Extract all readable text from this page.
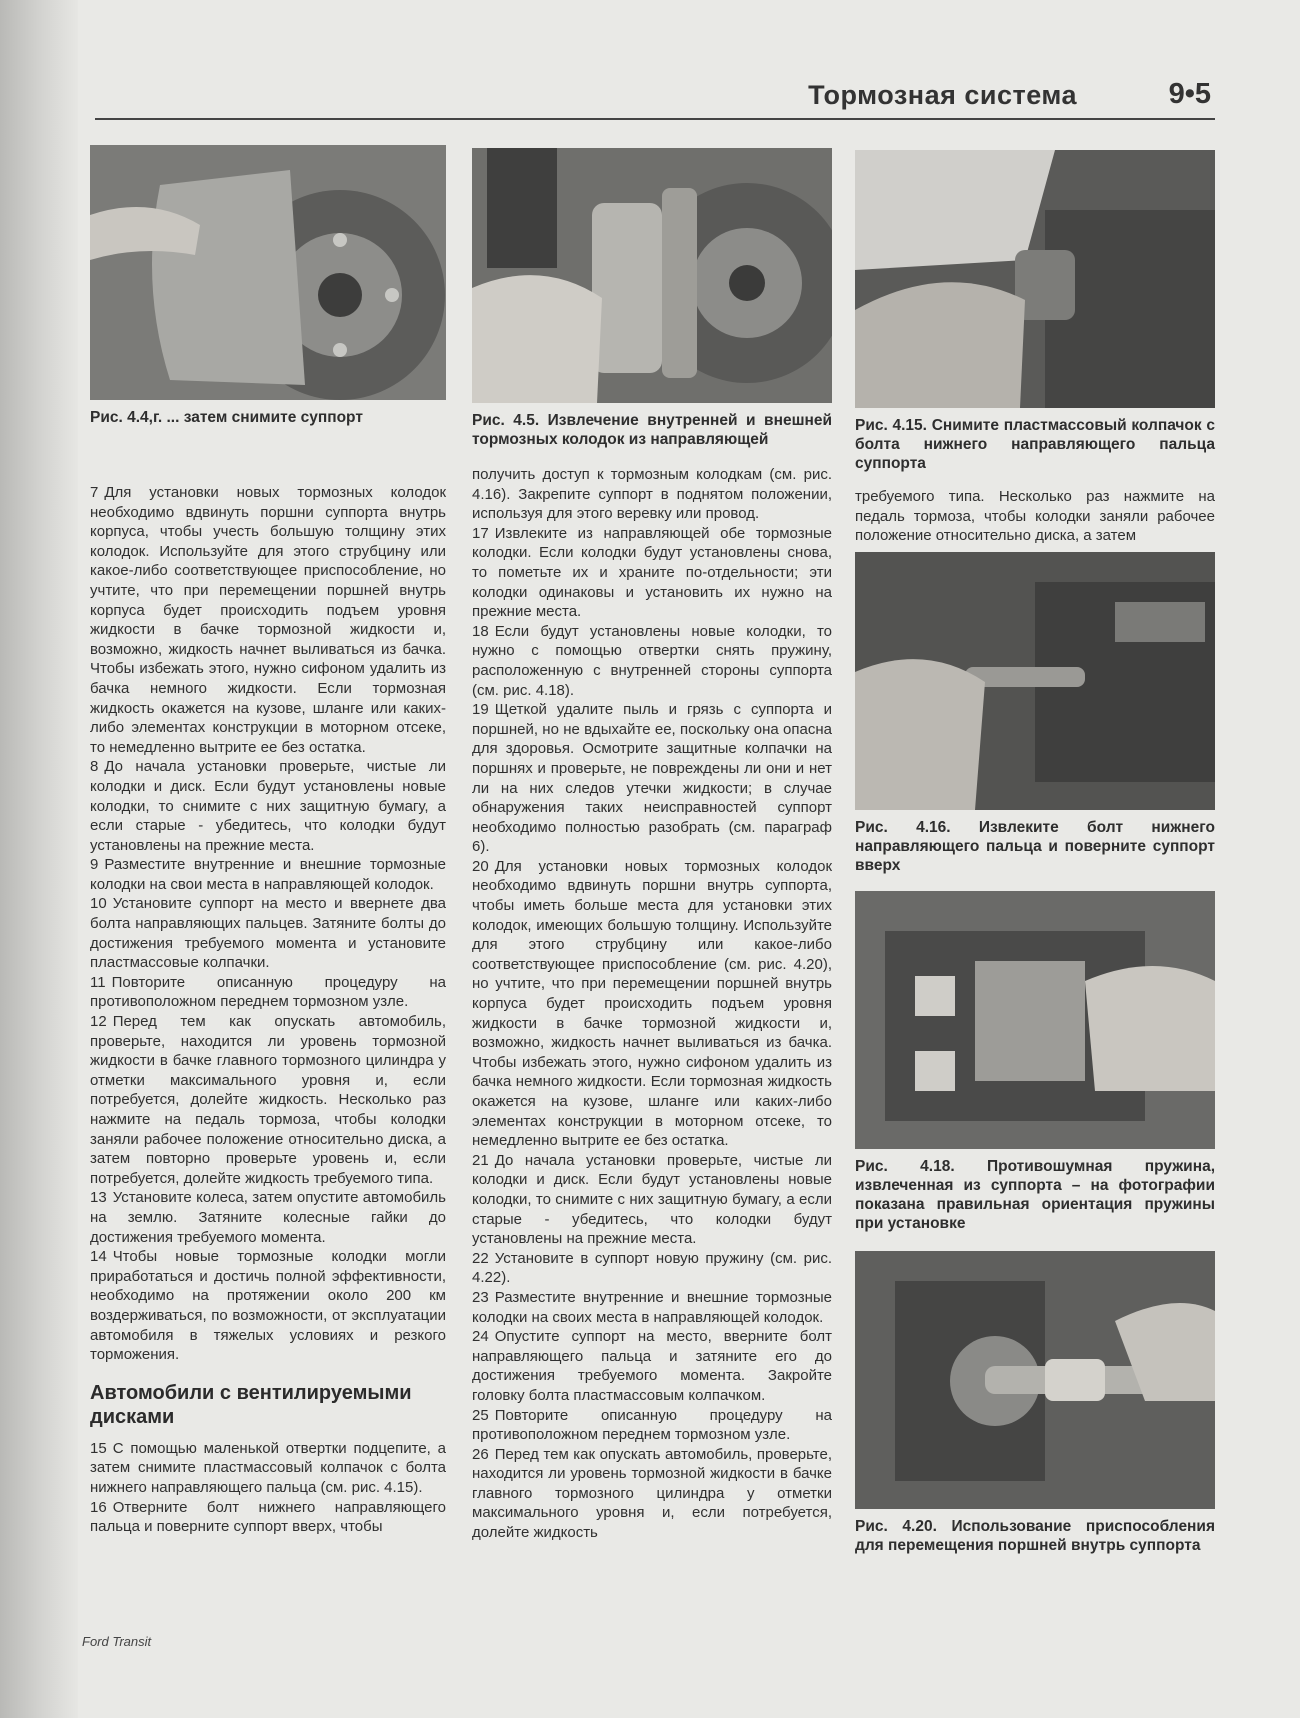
Тормозная система	9•5
Рис. 4.4,г. ... затем снимите суппорт

7 Для установки новых тормозных колодок необходимо вдвинуть поршни суппорта внутрь корпуса, чтобы учесть большую толщину этих колодок. Используйте для этого струбцину или какое-либо соответствующее приспособление, но учтите, что при перемещении поршней внутрь корпуса будет происходить подъем уровня жидкости в бачке тормозной жидкости и, возможно, жидкость начнет выливаться из бачка. Чтобы избежать этого, нужно сифоном удалить из бачка немного жидкости. Если тормозная жидкость окажется на кузове, шланге или каких-либо элементах конструкции в моторном отсеке, то немедленно вытрите ее без остатка.

8 До начала установки проверьте, чистые ли колодки и диск. Если будут установлены новые колодки, то снимите с них защитную бумагу, а если старые - убедитесь, что колодки будут установлены на прежние места.

9 Разместите внутренние и внешние тормозные колодки на свои места в направляющей колодок.

10 Установите суппорт на место и ввернете два болта направляющих пальцев. Затяните болты до достижения требуемого момента и установите пластмассовые колпачки.

11 Повторите описанную процедуру на противоположном переднем тормозном узле.

12 Перед тем как опускать автомобиль, проверьте, находится ли уровень тормозной жидкости в бачке главного тормозного цилиндра у отметки максимального уровня и, если потребуется, долейте жидкость. Несколько раз нажмите на педаль тормоза, чтобы колодки заняли рабочее положение относительно диска, а затем повторно проверьте уровень и, если потребуется, долейте жидкость требуемого типа.

13 Установите колеса, затем опустите автомобиль на землю. Затяните колесные гайки до достижения требуемого момента.

14 Чтобы новые тормозные колодки могли приработаться и достичь полной эффективности, необходимо на протяжении около 200 км воздерживаться, по возможности, от эксплуатации автомобиля в тяжелых условиях и резкого торможения.

Автомобили с вентилируемыми дисками

15 С помощью маленькой отвертки подцепите, а затем снимите пластмассовый колпачок с болта нижнего направляющего пальца (см. рис. 4.15).

16 Отверните болт нижнего направляющего пальца и поверните суппорт вверх, чтобы

Рис. 4.5. Извлечение внутренней и внешней тормозных колодок из направляющей

получить доступ к тормозным колодкам (см. рис. 4.16). Закрепите суппорт в поднятом положении, используя для этого веревку или провод.

17 Извлеките из направляющей обе тормозные колодки. Если колодки будут установлены снова, то пометьте их и храните по-отдельности; эти колодки одинаковы и установить их нужно на прежние места.

18 Если будут установлены новые колодки, то нужно с помощью отвертки снять пружину, расположенную с внутренней стороны суппорта (см. рис. 4.18).

19 Щеткой удалите пыль и грязь с суппорта и поршней, но не вдыхайте ее, поскольку она опасна для здоровья. Осмотрите защитные колпачки на поршнях и проверьте, не повреждены ли они и нет ли на них следов утечки жидкости; в случае обнаружения таких неисправностей суппорт необходимо полностью разобрать (см. параграф 6).

20 Для установки новых тормозных колодок необходимо вдвинуть поршни внутрь суппорта, чтобы иметь больше места для установки этих колодок, имеющих большую толщину. Используйте для этого струбцину или какое-либо соответствующее приспособление (см. рис. 4.20), но учтите, что при перемещении поршней внутрь корпуса будет происходить подъем уровня жидкости в бачке тормозной жидкости и, возможно, жидкость начнет выливаться из бачка. Чтобы избежать этого, нужно сифоном удалить из бачка немного жидкости. Если тормозная жидкость окажется на кузове, шланге или каких-либо элементах конструкции в моторном отсеке, то немедленно вытрите ее без остатка.

21 До начала установки проверьте, чистые ли колодки и диск. Если будут установлены новые колодки, то снимите с них защитную бумагу, а если старые - убедитесь, что колодки будут установлены на прежние места.

22 Установите в суппорт новую пружину (см. рис. 4.22).

23 Разместите внутренние и внешние тормозные колодки на своих места в направляющей колодок.

24 Опустите суппорт на место, вверните болт направляющего пальца и затяните его до достижения требуемого момента. Закройте головку болта пластмассовым колпачком.

25 Повторите описанную процедуру на противоположном переднем тормозном узле.

26 Перед тем как опускать автомобиль, проверьте, находится ли уровень тормозной жидкости в бачке главного тормозного цилиндра у отметки максимального уровня и, если потребуется, долейте жидкость

Рис. 4.15. Снимите пластмассовый колпачок с болта нижнего направляющего пальца суппорта

требуемого типа. Несколько раз нажмите на педаль тормоза, чтобы колодки заняли рабочее положение относительно диска, а затем

Рис. 4.16. Извлеките болт нижнего направляющего пальца и поверните суппорт вверх
Рис. 4.18. Противошумная пружина, извлеченная из суппорта – на фотографии показана правильная ориентация пружины при установке
Рис. 4.20. Использование приспособления для перемещения поршней внутрь суппорта
Ford Transit
